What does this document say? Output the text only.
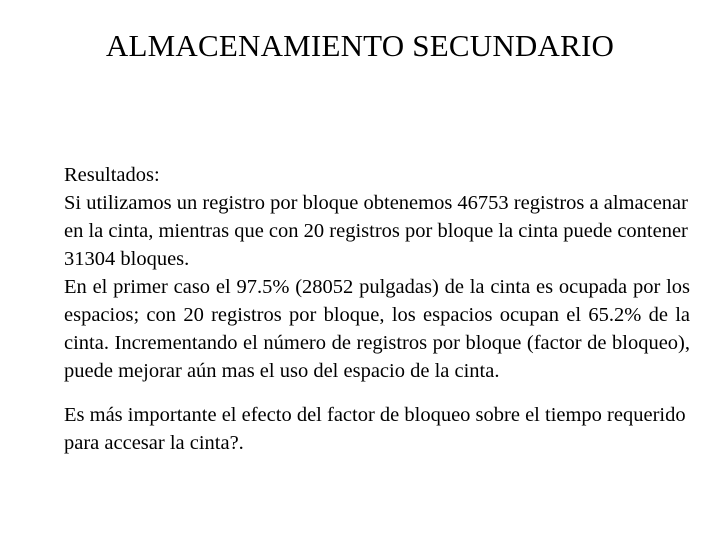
ALMACENAMIENTO SECUNDARIO

Resultados:

Si utilizamos un registro por bloque obtenemos 46753 registros a almacenar en la cinta, mientras que con 20 registros por bloque la cinta puede contener 31304 bloques.

En el primer caso el 97.5% (28052 pulgadas) de la cinta es ocupada por los espacios; con 20 registros por bloque, los espacios ocupan el 65.2% de la cinta. Incrementando el número de registros por bloque (factor de bloqueo), puede mejorar aún mas el uso del espacio de la cinta.

Es más importante el efecto del factor de bloqueo sobre el tiempo requerido para accesar la cinta?.
